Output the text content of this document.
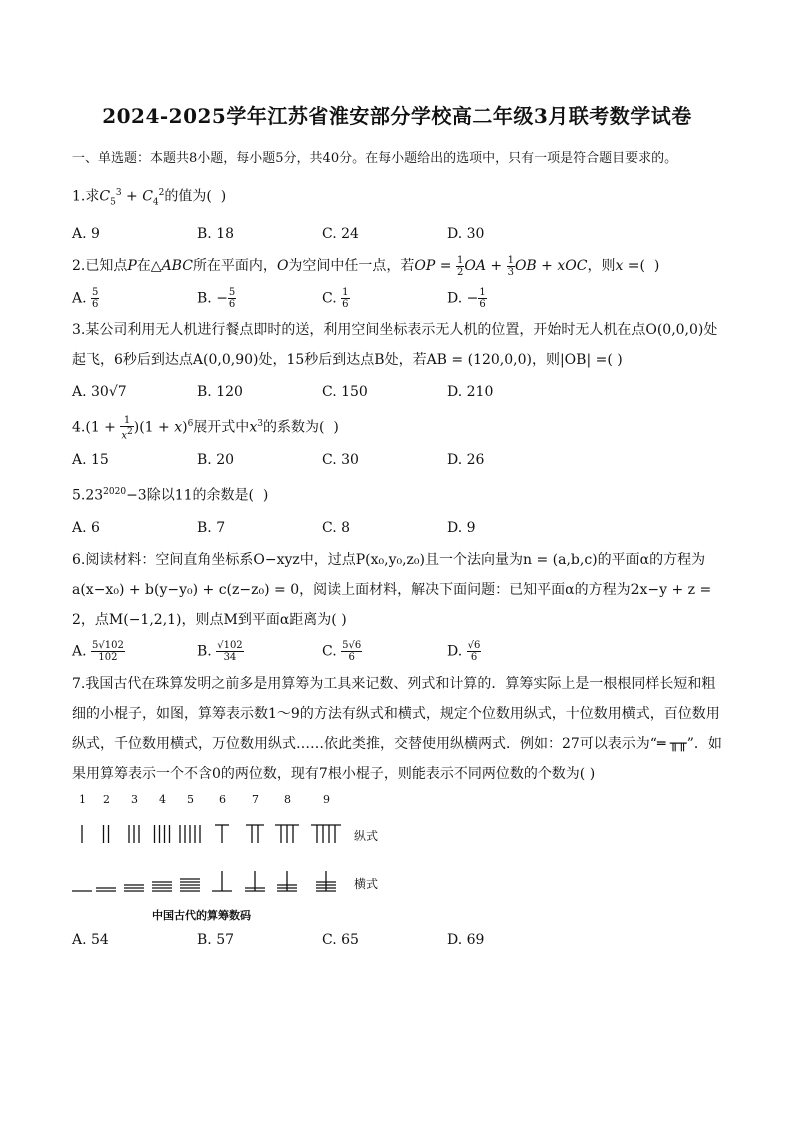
2024-2025学年江苏省淮安部分学校高二年级3月联考数学试卷
一、单选题：本题共8小题，每小题5分，共40分。在每小题给出的选项中，只有一项是符合题目要求的。
1.求$C_5^3 + C_4^2$的值为(  )
A. 9	B. 18	C. 24	D. 30
2.已知点P在△ABC所在平面内，O为空间中任一点，若OP = $\frac{1}{2}$ OA + $\frac{1}{3}$ OB + xOC，则x =(  )
A. $\frac{5}{6}$	B. − $\frac{5}{6}$	C. $\frac{1}{6}$	D. − $\frac{1}{6}$
3.某公司利用无人机进行餐点即时的送，利用空间坐标表示无人机的位置，开始时无人机在点O(0,0,0)处起飞，6秒后到达点A(0,0,90)处，15秒后到达点B处，若AB = (120,0,0)，则|OB| =( )
A. 30√7	B. 120	C. 150	D. 210
$4.(1 + \frac{1}{x^2} )(1 + x)^6$展开式中$x^3$的系数为(  )
A. 15	B. 20	C. 30	D. 26
$5.23^{2020}-3$除以11的余数是(  )
A. 6	B. 7	C. 8	D. 9
6.阅读材料：空间直角坐标系O−xyz中，过点P(x₀,y₀,z₀)且一个法向量为n = (a,b,c)的平面α的方程为a(x−x₀) + b(y−y₀) + c(z−z₀) = 0，阅读上面材料，解决下面问题：已知平面α的方程为2x−y + z = 2，点M(−1,2,1)，则点M到平面α距离为( )
A. $\frac{5√102}{102}$	B. $\frac{√102}{34}$	C. $\frac{5√6}{6}$	D. $\frac{√6}{6}$
7.我国古代在珠算发明之前多是用算筹为工具来记数、列式和计算的．算筹实际上是一根根同样长短和粗细的小棍子，如图，算筹表示数1～9的方法有纵式和横式，规定个位数用纵式，十位数用横式，百位数用纵式，千位数用横式，万位数用纵式……依此类推，交替使用纵横两式．例如：27可以表示为“═ ╥╥”．如果用算筹表示一个不含0的两位数，现有7根小棍子，则能表示不同两位数的个数为( )
1 2 3 4 5 6 7 8	9
纵式
横式
中国古代的算筹数码
A. 54	B. 57	C. 65	D. 69
